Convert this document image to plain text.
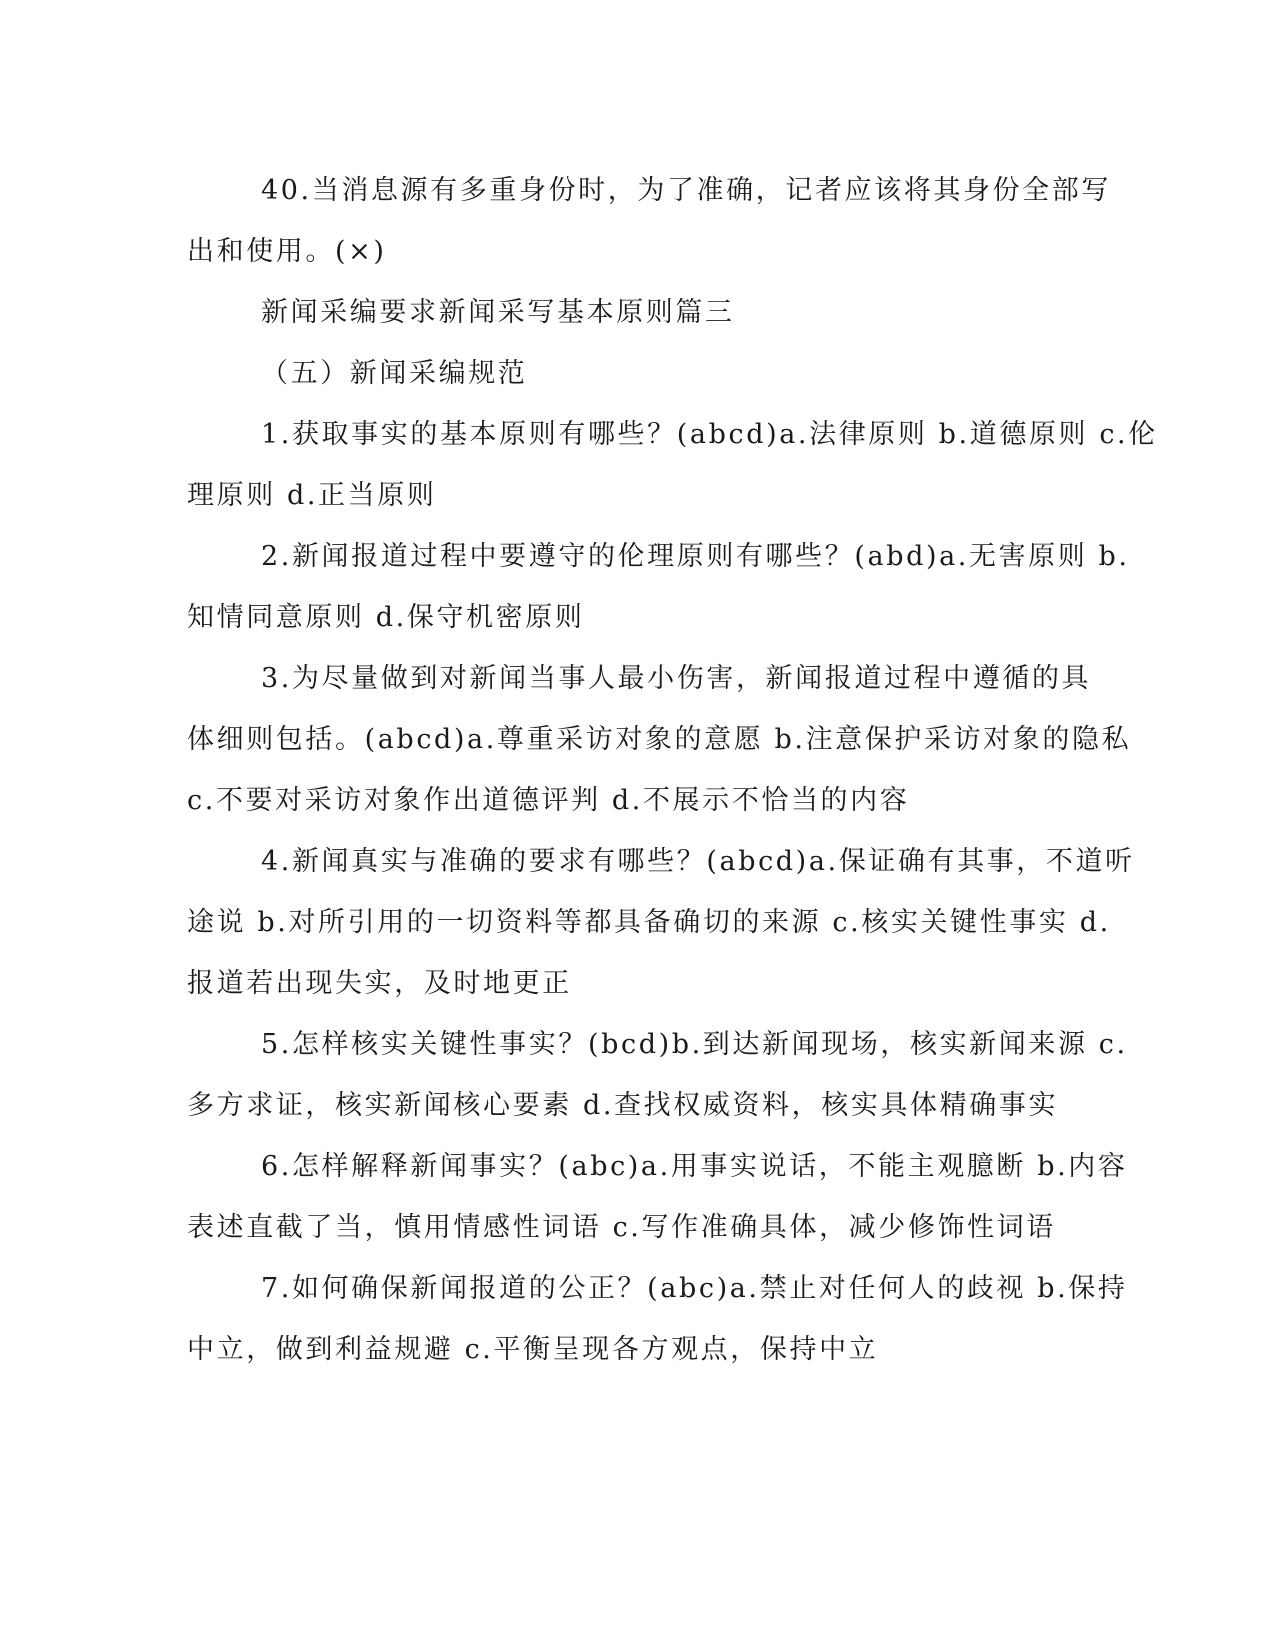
40.当消息源有多重身份时，为了准确，记者应该将其身份全部写
出和使用。(×)
新闻采编要求新闻采写基本原则篇三
（五）新闻采编规范
1.获取事实的基本原则有哪些？(abcd)a.法律原则 b.道德原则 c.伦
理原则 d.正当原则
2.新闻报道过程中要遵守的伦理原则有哪些？(abd)a.无害原则 b.
知情同意原则 d.保守机密原则
3.为尽量做到对新闻当事人最小伤害，新闻报道过程中遵循的具
体细则包括。(abcd)a.尊重采访对象的意愿 b.注意保护采访对象的隐私
c.不要对采访对象作出道德评判 d.不展示不恰当的内容
4.新闻真实与准确的要求有哪些？(abcd)a.保证确有其事，不道听
途说 b.对所引用的一切资料等都具备确切的来源 c.核实关键性事实 d.
报道若出现失实，及时地更正
5.怎样核实关键性事实？(bcd)b.到达新闻现场，核实新闻来源 c.
多方求证，核实新闻核心要素 d.查找权威资料，核实具体精确事实
6.怎样解释新闻事实？(abc)a.用事实说话，不能主观臆断 b.内容
表述直截了当，慎用情感性词语 c.写作准确具体，减少修饰性词语
7.如何确保新闻报道的公正？(abc)a.禁止对任何人的歧视 b.保持
中立，做到利益规避 c.平衡呈现各方观点，保持中立
